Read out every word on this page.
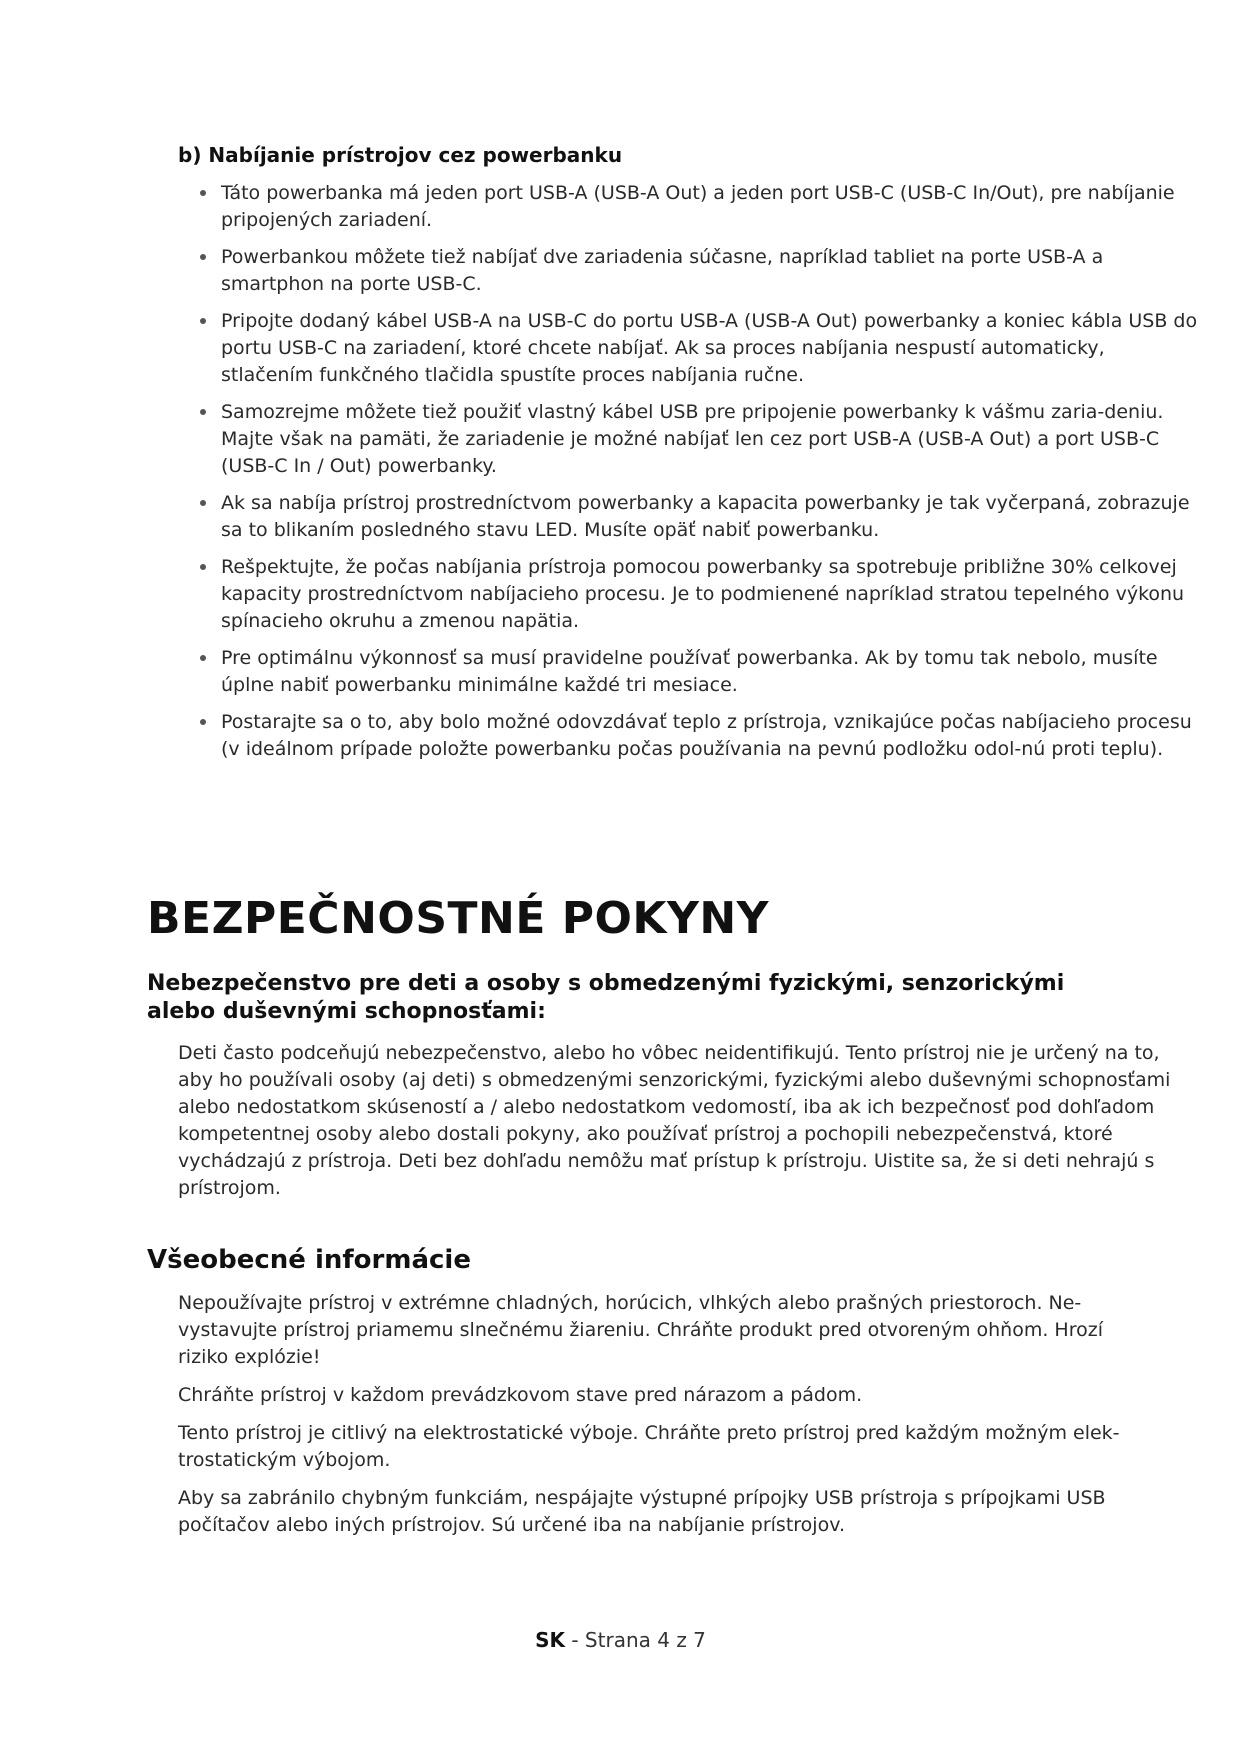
b) Nabíjanie prístrojov cez powerbanku
Táto powerbanka má jeden port USB-A (USB-A Out) a jeden port USB-C (USB-C In/Out), pre nabíjanie pripojených zariadení.
Powerbankou môžete tiež nabíjať dve zariadenia súčasne, napríklad tabliet na porte USB-A a smartphon na porte USB-C.
Pripojte dodaný kábel USB-A na USB-C do portu USB-A (USB-A Out) powerbanky a koniec kábla USB do portu USB-C na zariadení, ktoré chcete nabíjať. Ak sa proces nabíjania nespustí automaticky, stlačením funkčného tlačidla spustíte proces nabíjania ručne.
Samozrejme môžete tiež použiť vlastný kábel USB pre pripojenie powerbanky k vášmu zaria-deniu. Majte však na pamäti, že zariadenie je možné nabíjať len cez port USB-A (USB-A Out) a port USB-C (USB-C In / Out) powerbanky.
Ak sa nabíja prístroj prostredníctvom powerbanky a kapacita powerbanky je tak vyčerpaná, zobrazuje sa to blikaním posledného stavu LED. Musíte opäť nabiť powerbanku.
Rešpektujte, že počas nabíjania prístroja pomocou powerbanky sa spotrebuje približne 30% celkovej kapacity prostredníctvom nabíjacieho procesu. Je to podmienené napríklad stratou tepelného výkonu spínacieho okruhu a zmenou napätia.
Pre optimálnu výkonnosť sa musí pravidelne používať powerbanka. Ak by tomu tak nebolo, musíte úplne nabiť powerbanku minimálne každé tri mesiace.
Postarajte sa o to, aby bolo možné odovzdávať teplo z prístroja, vznikajúce počas nabíjacieho procesu (v ideálnom prípade položte powerbanku počas používania na pevnú podložku odol-nú proti teplu).
BEZPEČNOSTNÉ POKYNY
Nebezpečenstvo pre deti a osoby s obmedzenými fyzickými, senzorickými alebo duševnými schopnosťami:

Deti často podceňujú nebezpečenstvo, alebo ho vôbec neidentifikujú. Tento prístroj nie je určený na to, aby ho používali osoby (aj deti) s obmedzenými senzorickými, fyzickými alebo duševnými schopnosťami alebo nedostatkom skúseností a / alebo nedostatkom vedomostí, iba ak ich bezpečnosť pod dohľadom kompetentnej osoby alebo dostali pokyny, ako používať prístroj a pochopili nebezpečenstvá, ktoré vychádzajú z prístroja. Deti bez dohľadu nemôžu mať prístup k prístroju. Uistite sa, že si deti nehrajú s prístrojom.

Všeobecné informácie

Nepoužívajte prístroj v extrémne chladných, horúcich, vlhkých alebo prašných priestoroch. Ne-vystavujte prístroj priamemu slnečnému žiareniu. Chráňte produkt pred otvoreným ohňom. Hrozí riziko explózie!

Chráňte prístroj v každom prevádzkovom stave pred nárazom a pádom.

Tento prístroj je citlivý na elektrostatické výboje. Chráňte preto prístroj pred každým možným elek-trostatickým výbojom.

Aby sa zabránilo chybným funkciám, nespájajte výstupné prípojky USB prístroja s prípojkami USB počítačov alebo iných prístrojov. Sú určené iba na nabíjanie prístrojov.

SK - Strana 4 z 7
